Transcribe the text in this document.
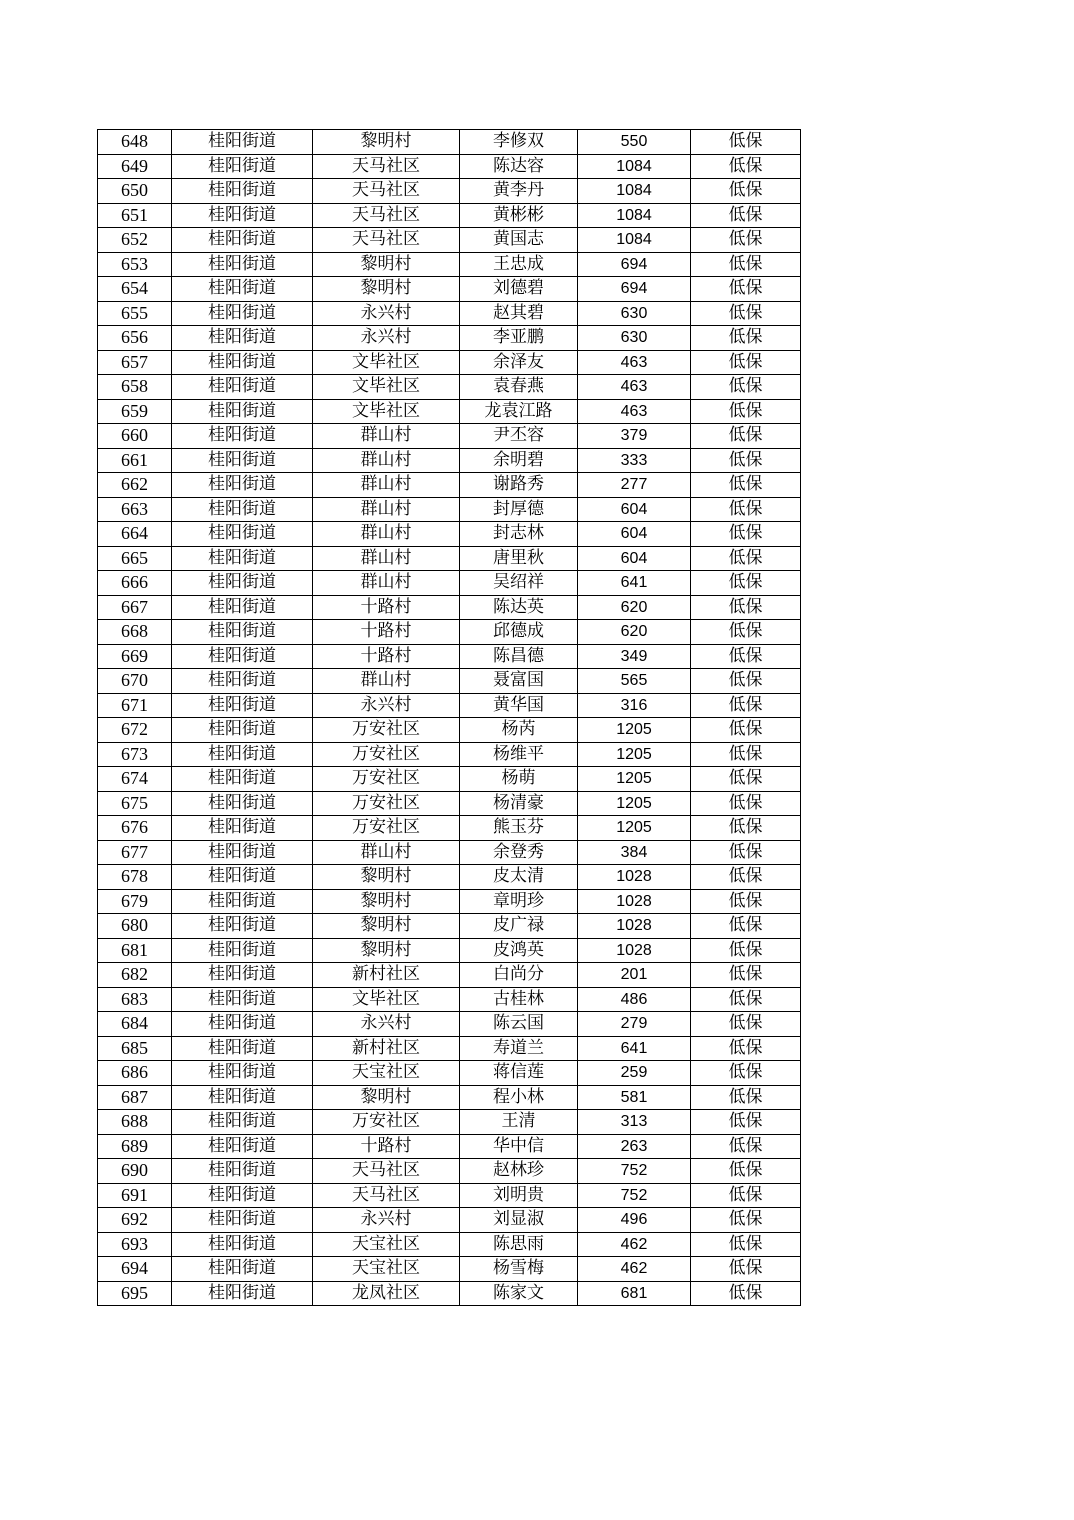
648	桂阳街道	黎明村	李修双	550	低保
649	桂阳街道	天马社区	陈达容	1084	低保
650	桂阳街道	天马社区	黄李丹	1084	低保
651	桂阳街道	天马社区	黄彬彬	1084	低保
652	桂阳街道	天马社区	黄国志	1084	低保
653	桂阳街道	黎明村	王忠成	694	低保
654	桂阳街道	黎明村	刘德碧	694	低保
655	桂阳街道	永兴村	赵其碧	630	低保
656	桂阳街道	永兴村	李亚鹏	630	低保
657	桂阳街道	文毕社区	余泽友	463	低保
658	桂阳街道	文毕社区	袁春燕	463	低保
659	桂阳街道	文毕社区	龙袁江路	463	低保
660	桂阳街道	群山村	尹丕容	379	低保
661	桂阳街道	群山村	余明碧	333	低保
662	桂阳街道	群山村	谢路秀	277	低保
663	桂阳街道	群山村	封厚德	604	低保
664	桂阳街道	群山村	封志林	604	低保
665	桂阳街道	群山村	唐里秋	604	低保
666	桂阳街道	群山村	吴绍祥	641	低保
667	桂阳街道	十路村	陈达英	620	低保
668	桂阳街道	十路村	邱德成	620	低保
669	桂阳街道	十路村	陈昌德	349	低保
670	桂阳街道	群山村	聂富国	565	低保
671	桂阳街道	永兴村	黄华国	316	低保
672	桂阳街道	万安社区	杨芮	1205	低保
673	桂阳街道	万安社区	杨维平	1205	低保
674	桂阳街道	万安社区	杨萌	1205	低保
675	桂阳街道	万安社区	杨清豪	1205	低保
676	桂阳街道	万安社区	熊玉芬	1205	低保
677	桂阳街道	群山村	余登秀	384	低保
678	桂阳街道	黎明村	皮太清	1028	低保
679	桂阳街道	黎明村	章明珍	1028	低保
680	桂阳街道	黎明村	皮广禄	1028	低保
681	桂阳街道	黎明村	皮鸿英	1028	低保
682	桂阳街道	新村社区	白尚分	201	低保
683	桂阳街道	文毕社区	古桂林	486	低保
684	桂阳街道	永兴村	陈云国	279	低保
685	桂阳街道	新村社区	寿道兰	641	低保
686	桂阳街道	天宝社区	蒋信莲	259	低保
687	桂阳街道	黎明村	程小林	581	低保
688	桂阳街道	万安社区	王清	313	低保
689	桂阳街道	十路村	华中信	263	低保
690	桂阳街道	天马社区	赵林珍	752	低保
691	桂阳街道	天马社区	刘明贵	752	低保
692	桂阳街道	永兴村	刘显淑	496	低保
693	桂阳街道	天宝社区	陈思雨	462	低保
694	桂阳街道	天宝社区	杨雪梅	462	低保
695	桂阳街道	龙凤社区	陈家文	681	低保
